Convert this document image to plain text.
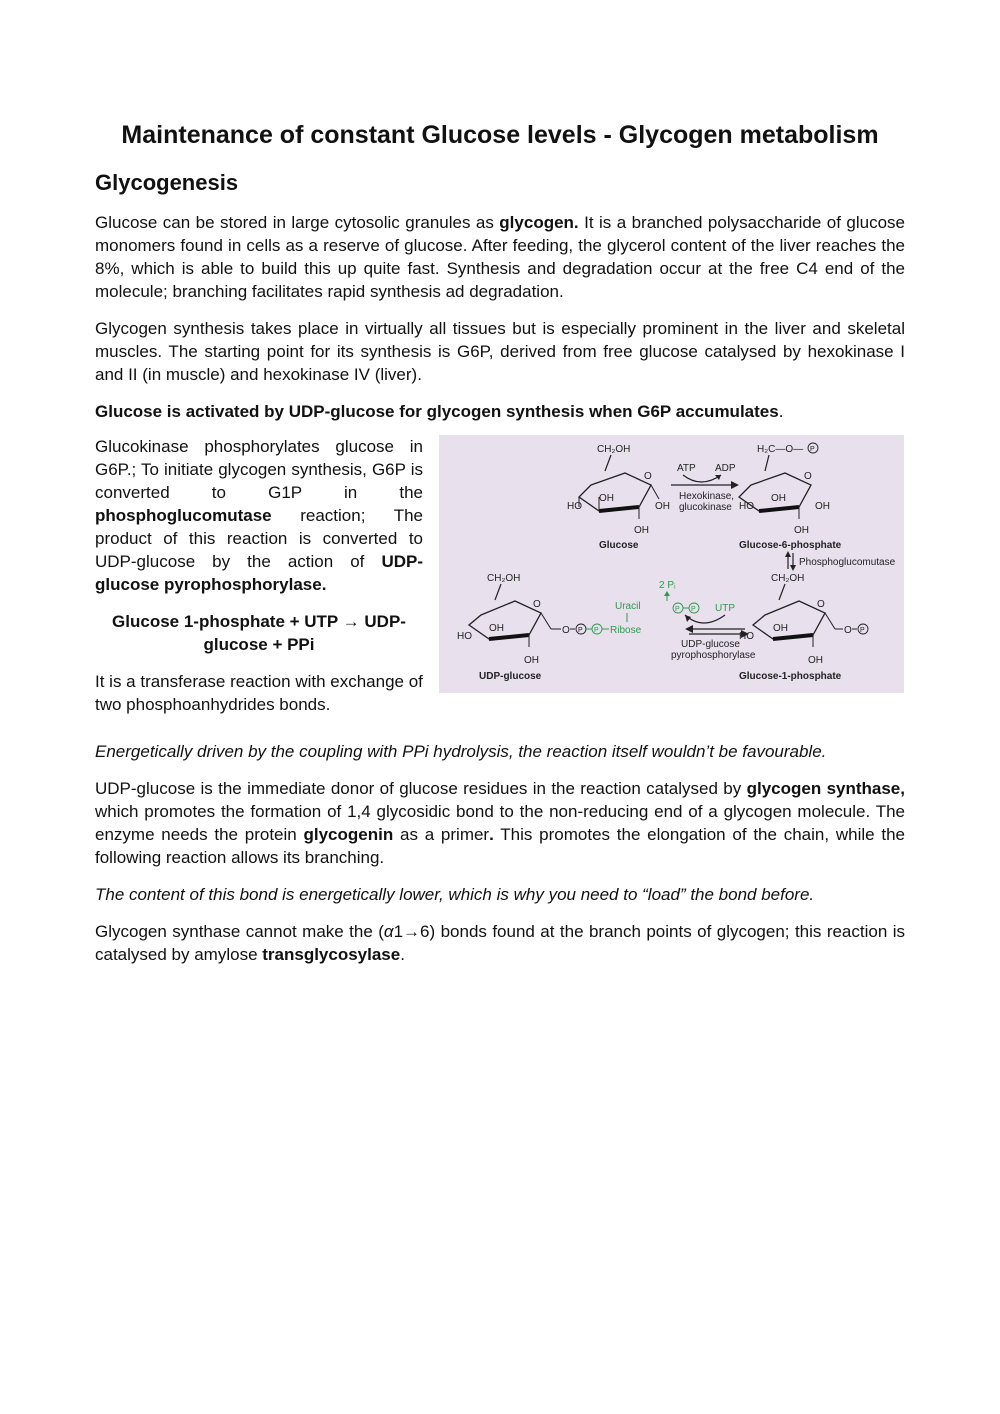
Maintenance of constant Glucose levels - Glycogen metabolism
Glycogenesis

Glucose can be stored in large cytosolic granules as glycogen. It is a branched polysaccharide of glucose monomers found in cells as a reserve of glucose. After feeding, the glycerol content of the liver reaches the 8%, which is able to build this up quite fast. Synthesis and degradation occur at the free C4 end of the molecule; branching facilitates rapid synthesis ad degradation.

Glycogen synthesis takes place in virtually all tissues but is especially prominent in the liver and skeletal muscles. The starting point for its synthesis is G6P, derived from free glucose catalysed by hexokinase I and II (in muscle) and hexokinase IV (liver).

Glucose is activated by UDP-glucose for glycogen synthesis when G6P accumulates.

Glucokinase phosphorylates glucose in G6P.; To initiate glycogen synthesis, G6P is converted to G1P in the phosphoglucomutase reaction; The product of this reaction is converted to UDP-glucose by the action of UDP-glucose pyrophosphorylase.

Glucose 1-phosphate + UTP → UDP-glucose + PPi

It is a transferase reaction with exchange of two phosphoanhydrides bonds.

CH₂OH
O
HO
OH
OH
OH
Glucose
ATP ADP
Hexokinase,
glucokinase
H₂C—O— P
O
HO
OH
OH
OH
Glucose-6-phosphate
Phosphoglucomutase
CH₂OH
O
HO
OH
OH
O P P Ribose
Uracil
UDP-glucose
2 Pᵢ
P P UTP
UDP-glucose
pyrophosphorylase
CH₂OH
O
HO
OH
OH
O P
Glucose-1-phosphate

Energetically driven by the coupling with PPi hydrolysis, the reaction itself wouldn’t be favourable.

UDP-glucose is the immediate donor of glucose residues in the reaction catalysed by glycogen synthase, which promotes the formation of 1,4 glycosidic bond to the non-reducing end of a glycogen molecule. The enzyme needs the protein glycogenin as a primer. This promotes the elongation of the chain, while the following reaction allows its branching.

The content of this bond is energetically lower, which is why you need to “load” the bond before.

Glycogen synthase cannot make the (α1→6) bonds found at the branch points of glycogen; this reaction is catalysed by amylose transglycosylase.
